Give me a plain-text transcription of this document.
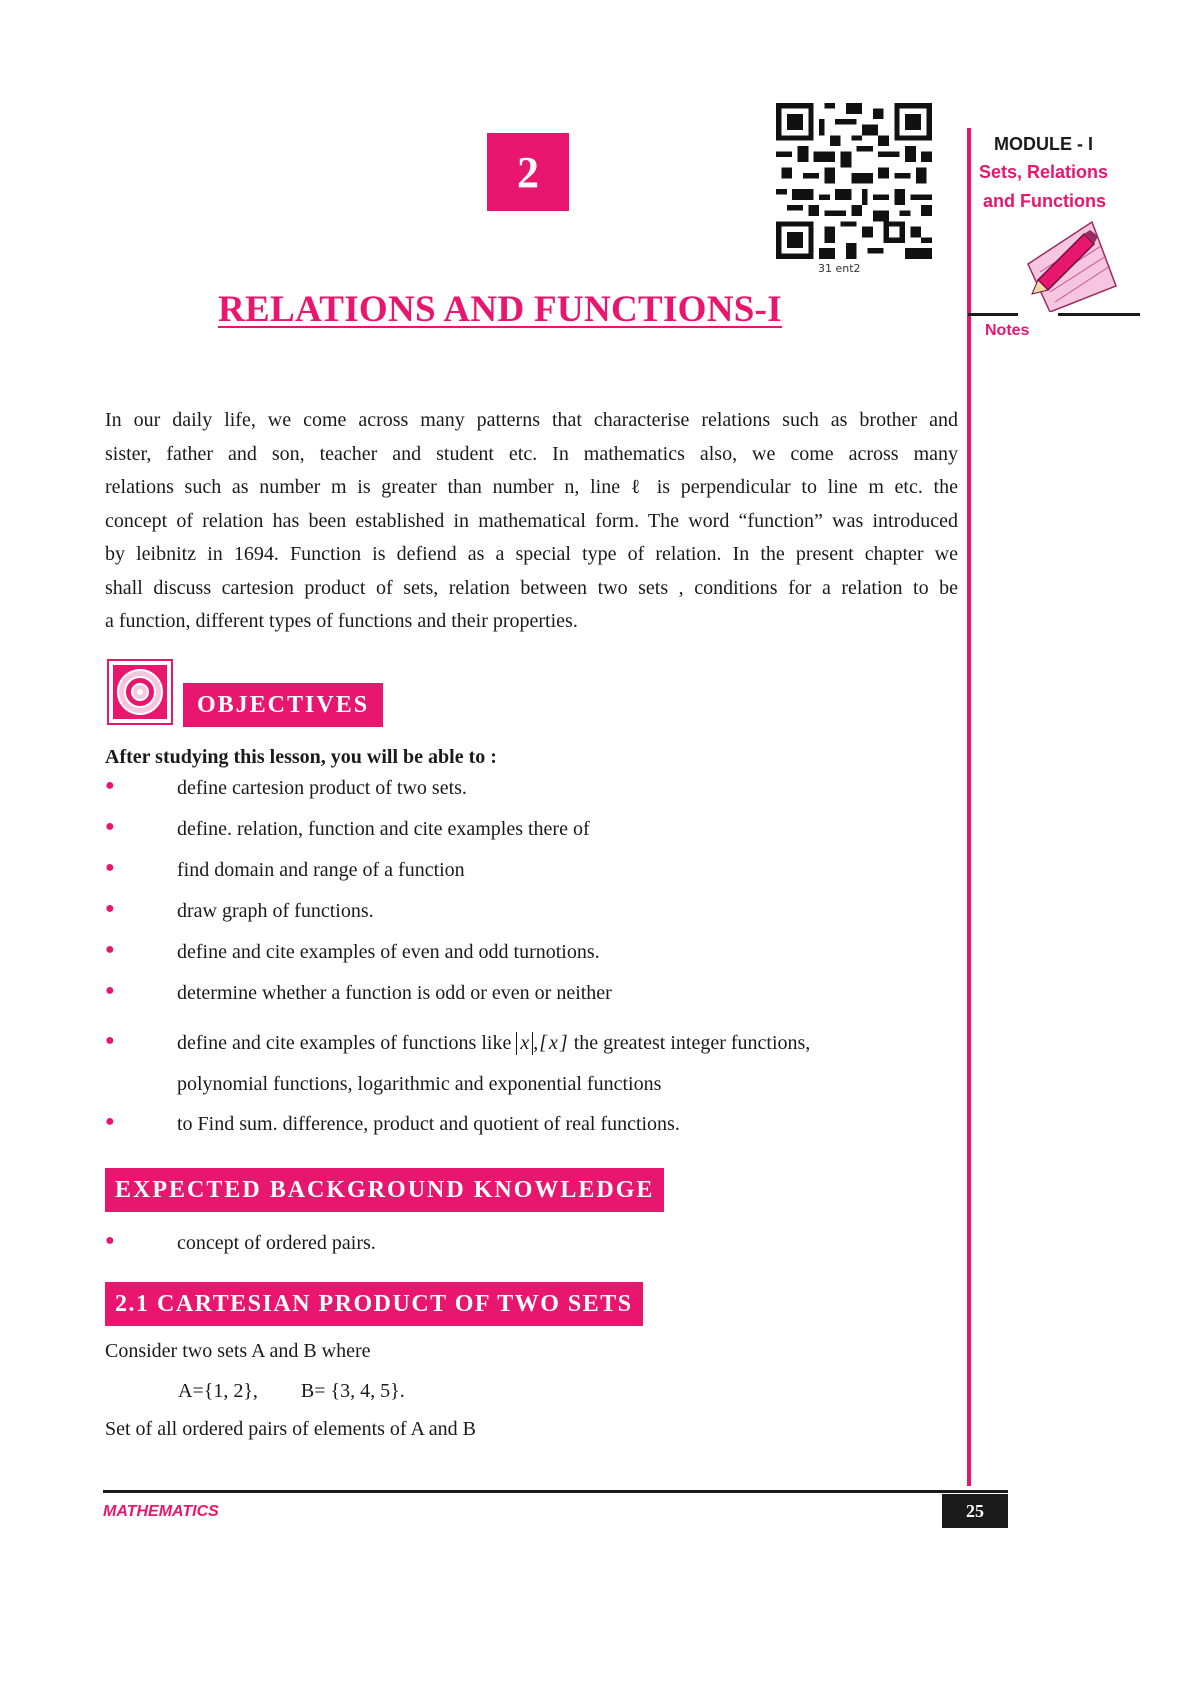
2
31 ent2
RELATIONS AND FUNCTIONS-I
MODULE - I
Sets, Relations
and Functions
Notes
In our daily life, we come across many patterns that characterise relations such as brother and
sister, father and son, teacher and student etc. In mathematics also, we come across many
relations such as number m is greater than number n, line ℓ is perpendicular to line m etc. the
concept of relation has been established in mathematical form. The word “function” was introduced
by leibnitz in 1694. Function is defiend as a special type of relation. In the present chapter we
shall discuss cartesion product of sets, relation between two sets , conditions for a relation to be
a function, different types of functions and their properties.
OBJECTIVES
After studying this lesson, you will be able to :
●	define cartesion product of two sets.
●	define. relation, function and cite examples there of
●	find domain and range of a function
●	draw graph of functions.
●	define and cite examples of even and odd turnotions.
●	determine whether a function is odd or even or neither
●	define and cite examples of functions like x ,[ x ] the greatest integer functions,
polynomial functions, logarithmic and exponential functions
●	to Find sum. difference, product and quotient of real functions.
EXPECTED BACKGROUND KNOWLEDGE
●	concept of ordered pairs.
2.1 CARTESIAN PRODUCT OF TWO SETS
Consider two sets A and B where
A={1, 2}, B= {3, 4, 5}.
Set of all ordered pairs of elements of A and B
MATHEMATICS	25
